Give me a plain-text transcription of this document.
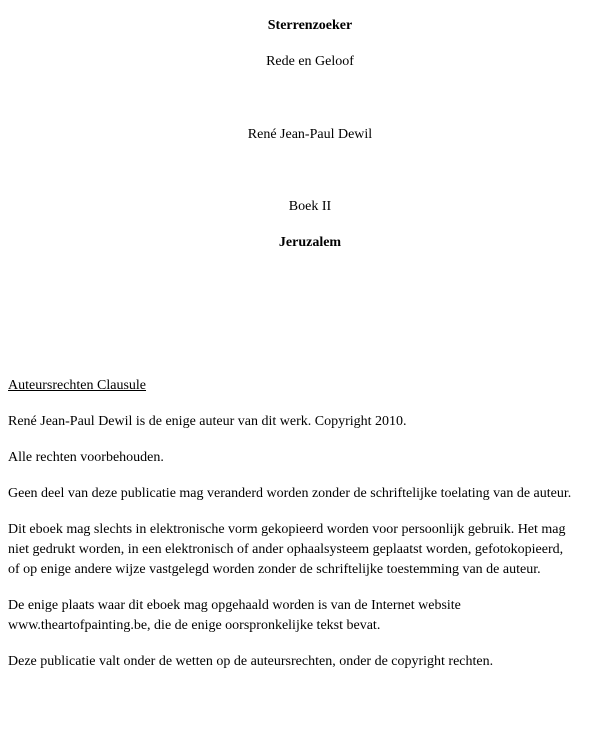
Sterrenzoeker
Rede en Geloof
René Jean-Paul Dewil
Boek II
Jeruzalem

Auteursrechten Clausule

René Jean-Paul Dewil is de enige auteur van dit werk. Copyright 2010.

Alle rechten voorbehouden.

Geen deel van deze publicatie mag veranderd worden zonder de schriftelijke toelating van de auteur.

Dit eboek mag slechts in elektronische vorm gekopieerd worden voor persoonlijk gebruik. Het mag niet gedrukt worden, in een elektronisch of ander ophaalsysteem geplaatst worden, gefotokopieerd, of op enige andere wijze vastgelegd worden zonder de schriftelijke toestemming van de auteur.

De enige plaats waar dit eboek mag opgehaald worden is van de Internet website www.theartofpainting.be, die de enige oorspronkelijke tekst bevat.

Deze publicatie valt onder de wetten op de auteursrechten, onder de copyright rechten.
